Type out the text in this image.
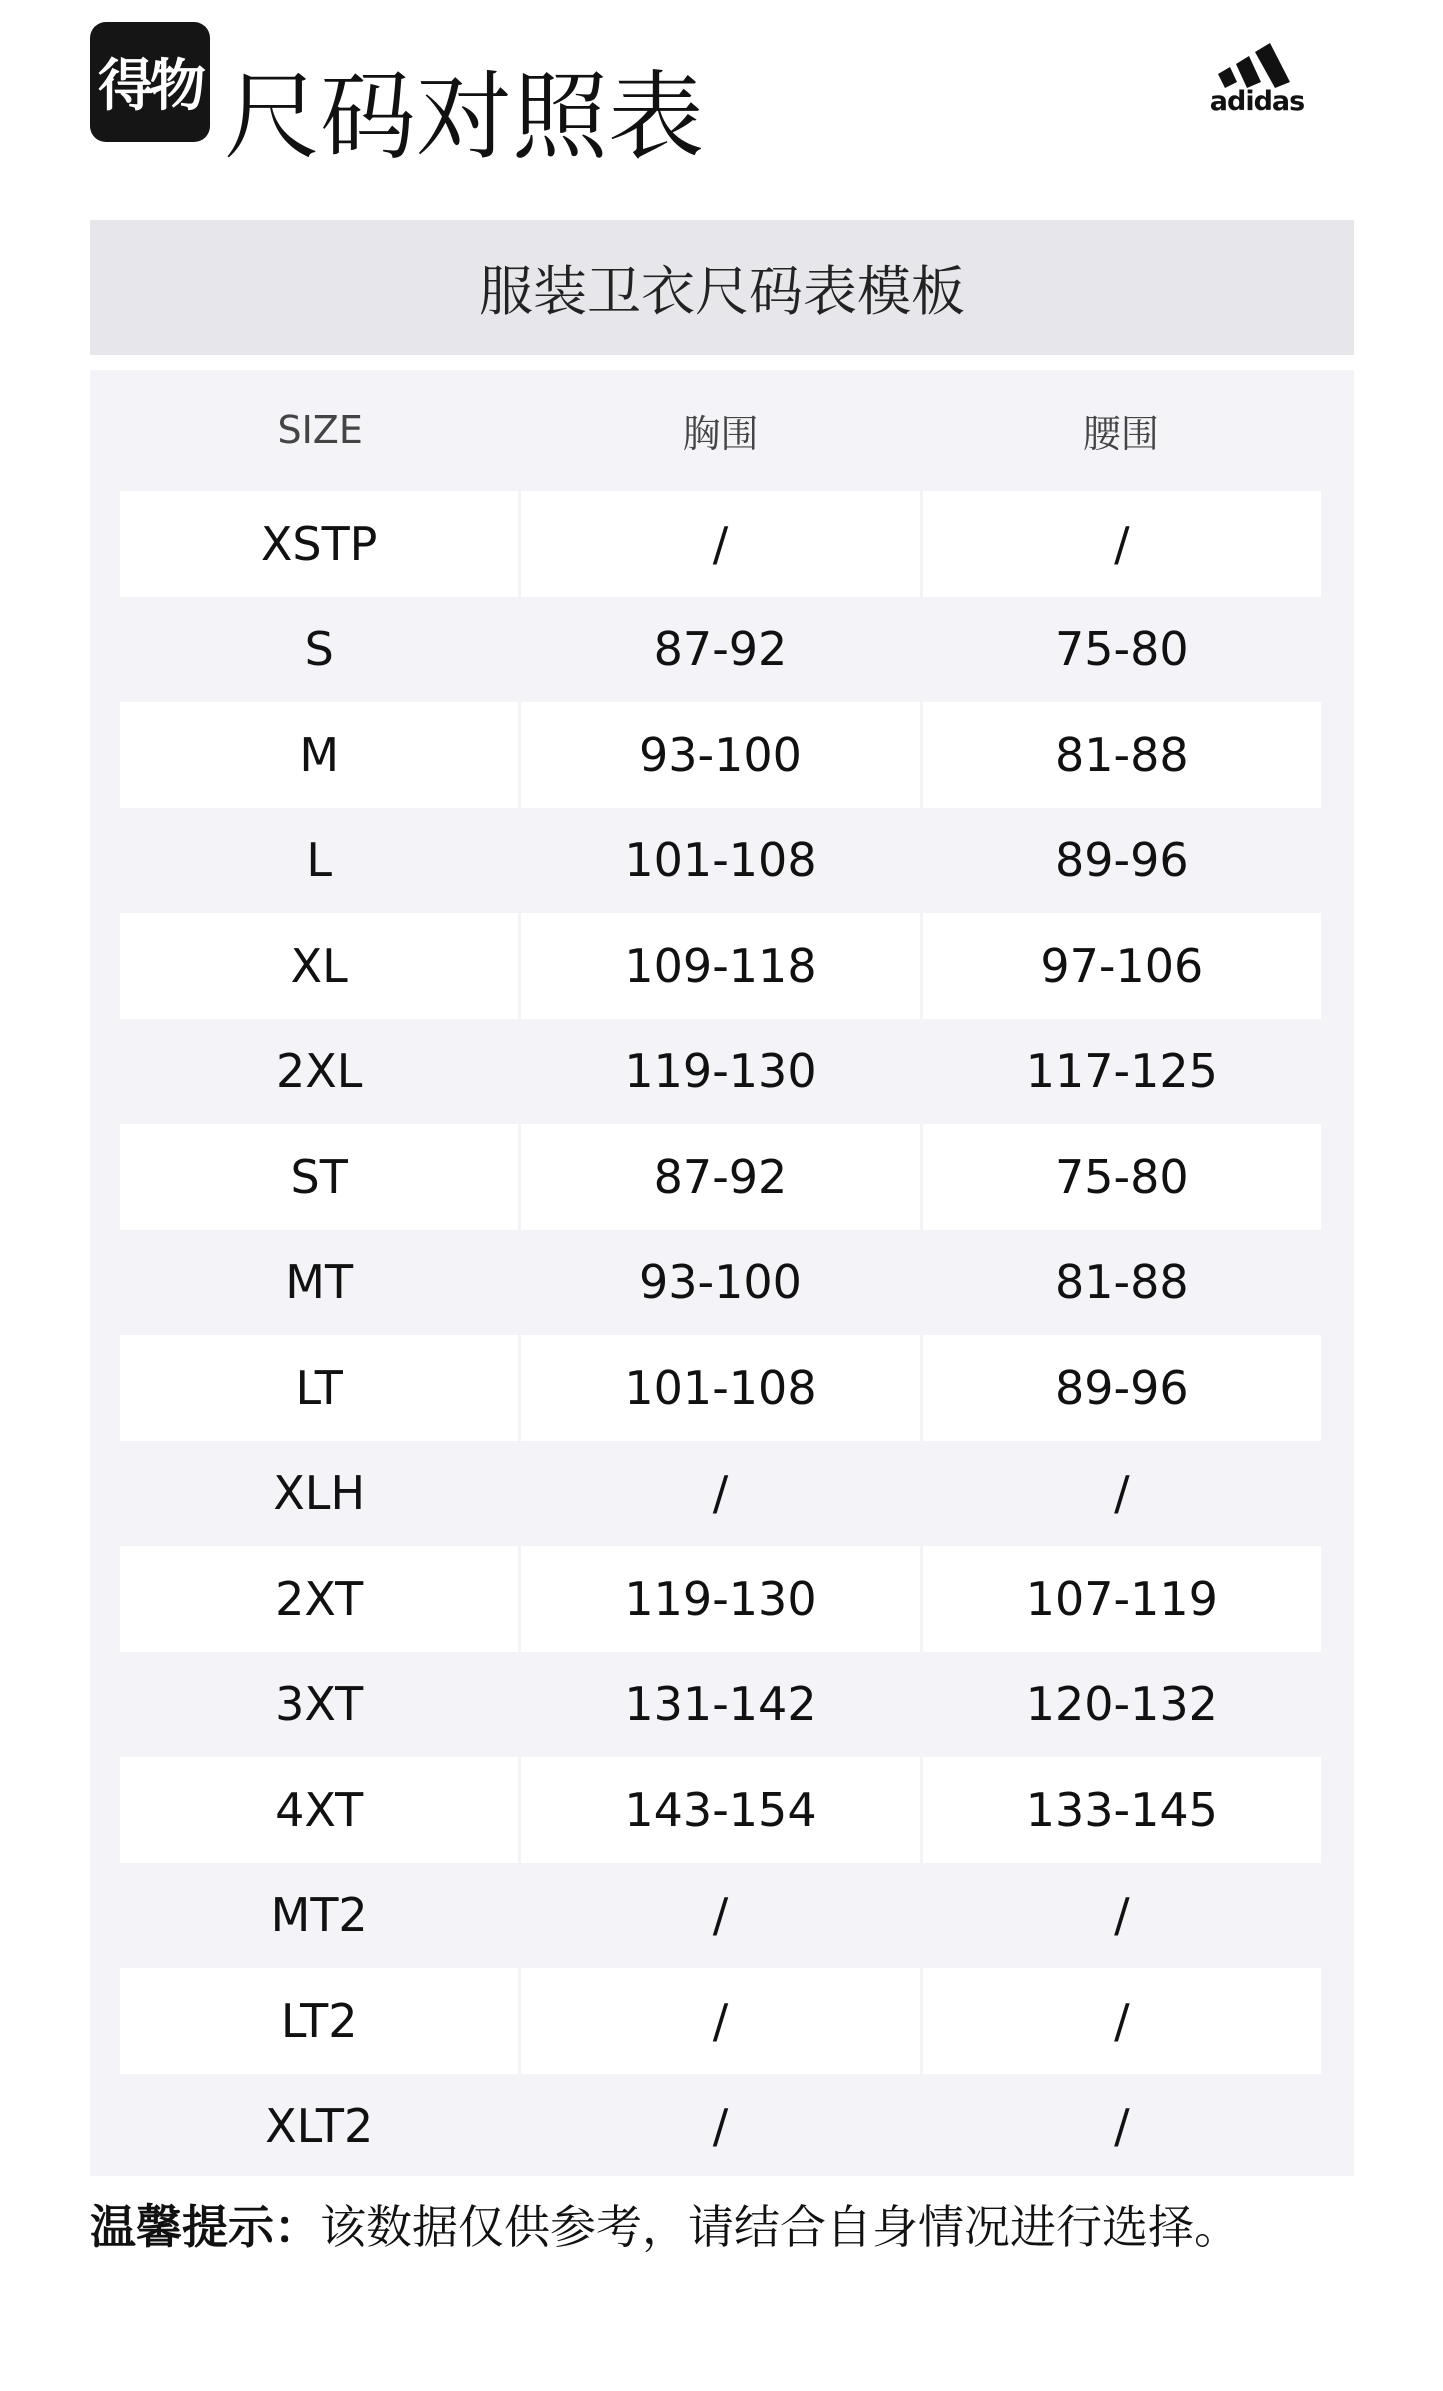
得物 尺码对照表	adidas
服装卫衣尺码表模板
SIZE	胸围	腰围
XSTP	/	/
S	87-92	75-80
M	93-100	81-88
L	101-108	89-96
XL	109-118	97-106
2XL	119-130	117-125
ST	87-92	75-80
MT	93-100	81-88
LT	101-108	89-96
XLH	/	/
2XT	119-130	107-119
3XT	131-142	120-132
4XT	143-154	133-145
MT2	/	/
LT2	/	/
XLT2	/	/
温馨提示：该数据仅供参考，请结合自身情况进行选择。
